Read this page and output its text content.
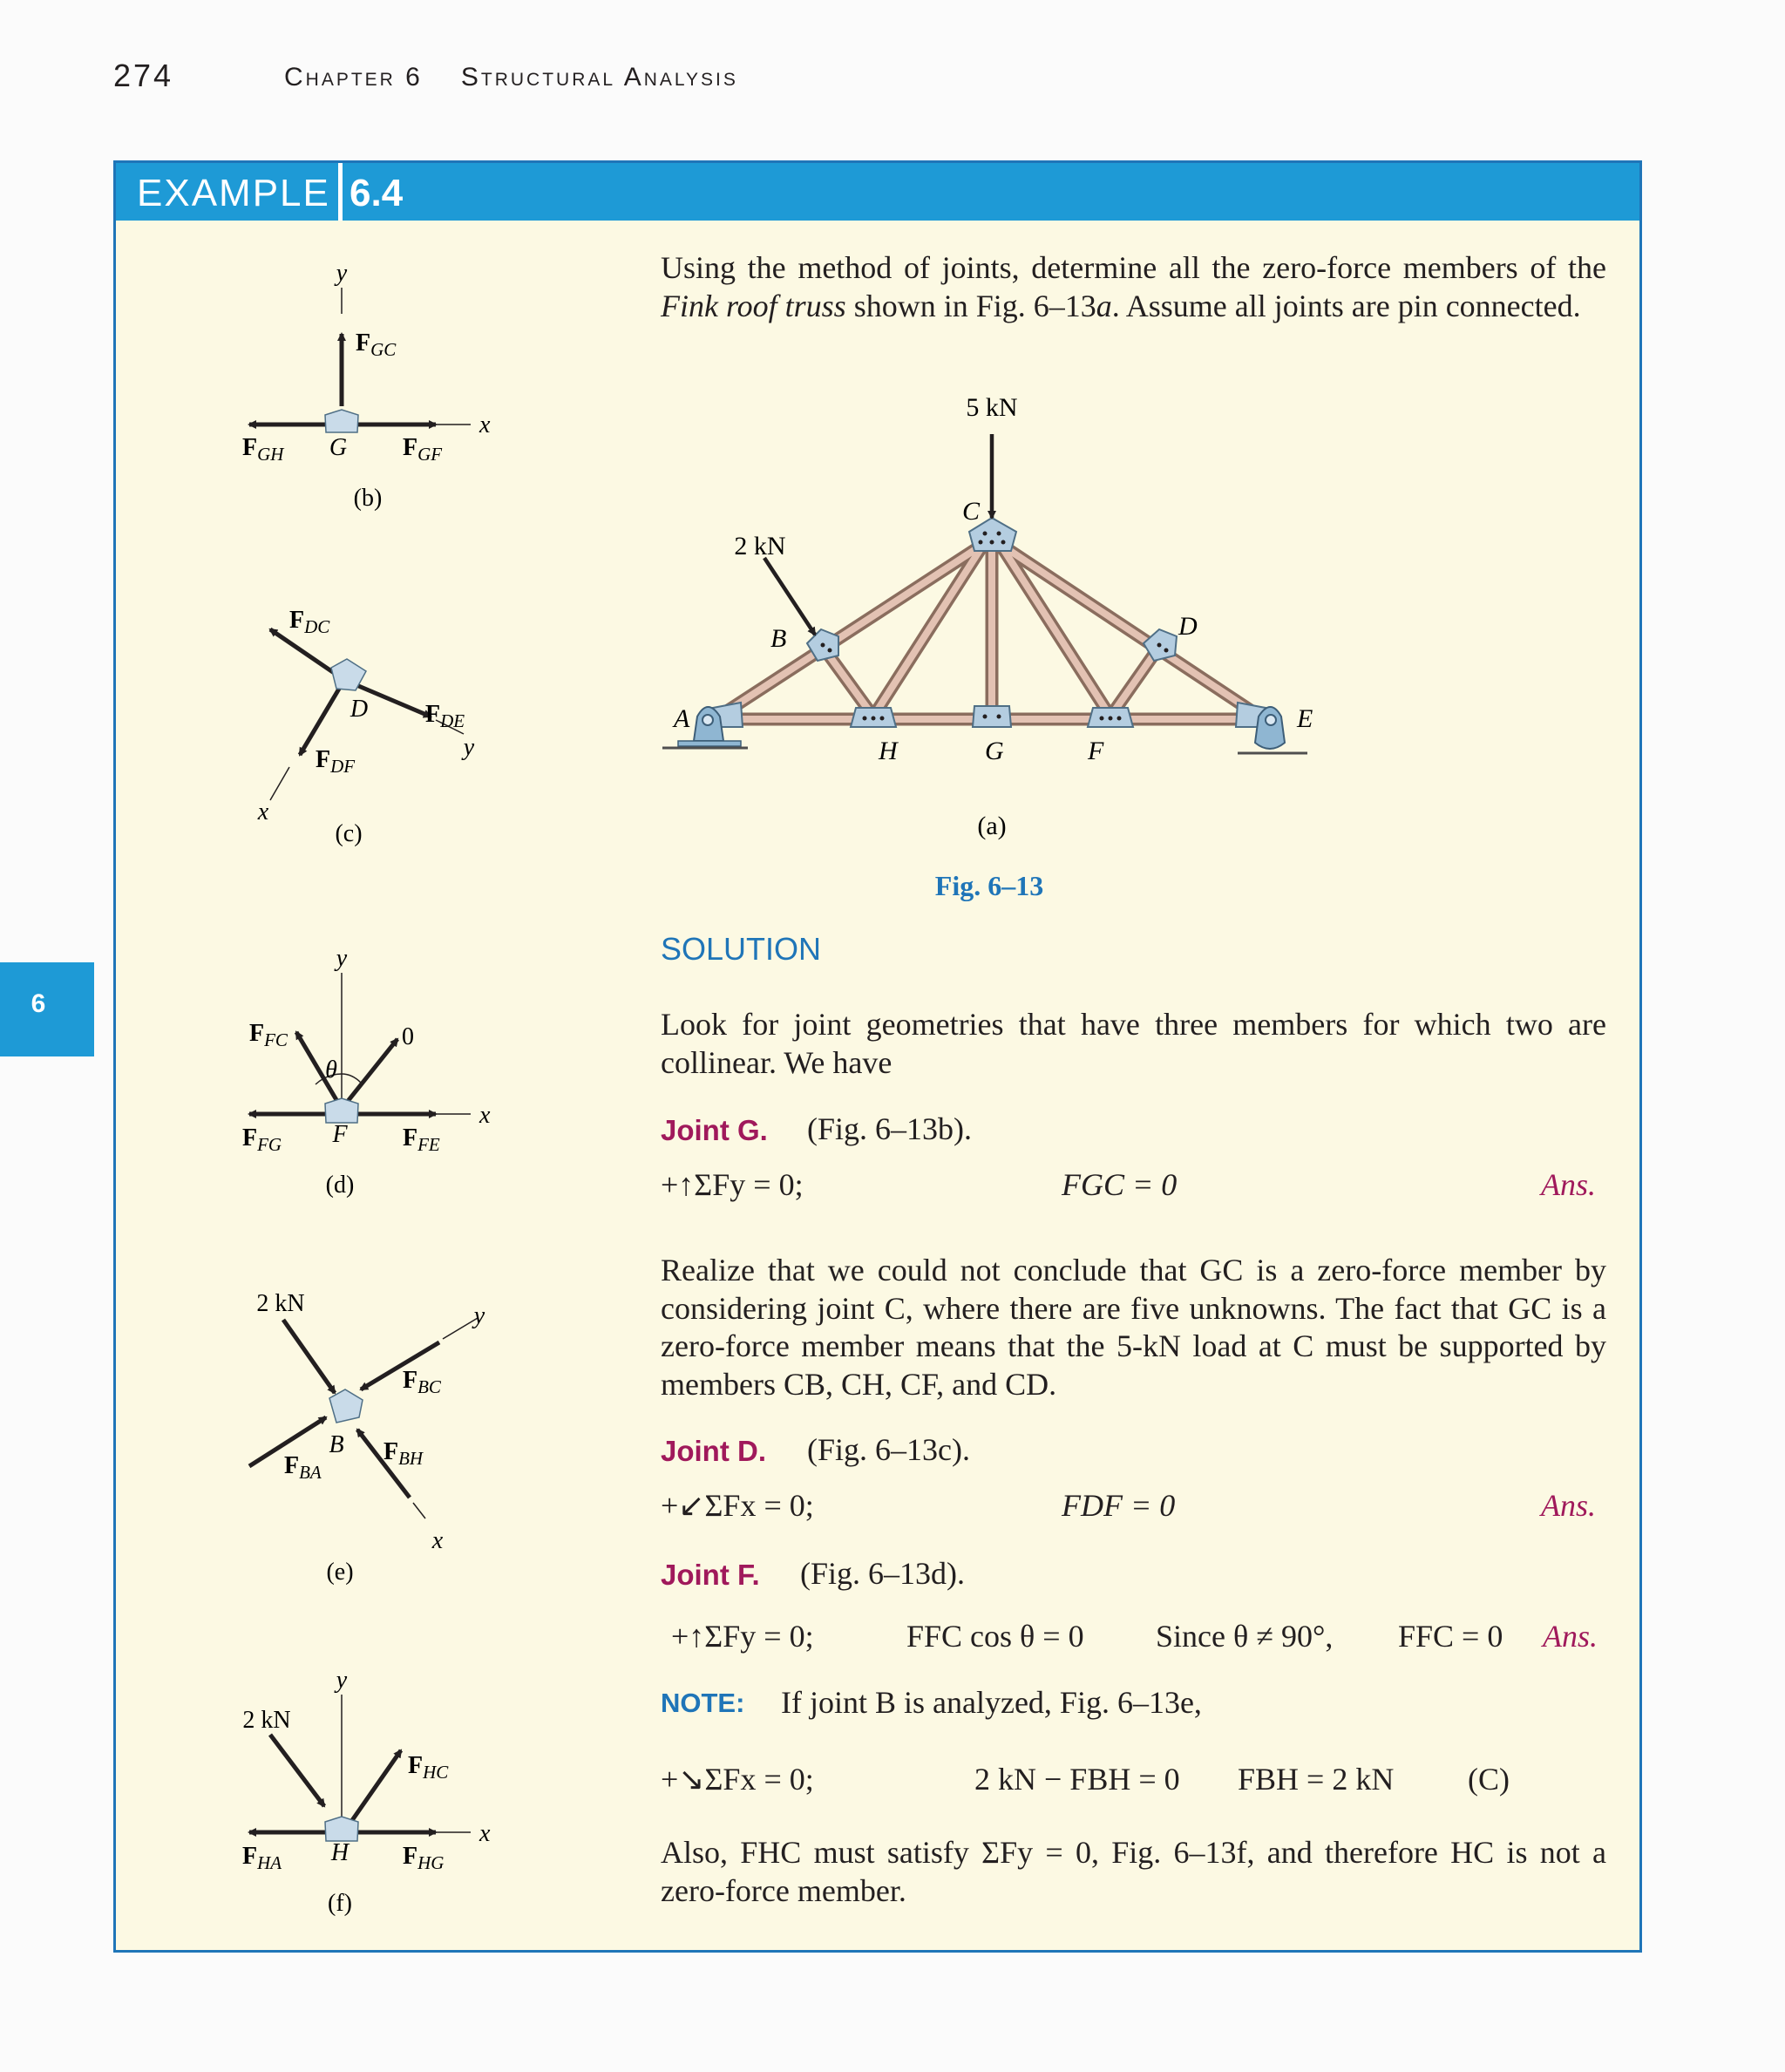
274	Chapter 6 Structural Analysis
6
EXAMPLE 6.4
Using the method of joints, determine all the zero-force members of the Fink roof truss shown in Fig. 6–13a. Assume all joints are pin connected.
5 kN
2 kN
A
B
C
D
E
F
G
H
(a)
Fig. 6–13
y
x
$F_{GC}$
$F_{GH}$	$F_{GF}$
G
(b)
$F_{DC}$
$F_{DE}$
$F_{DF}$
D
x
y
(c)
y
x
$F_{FC}$	0
θ
$F_{FG}$	$F_{FE}$
F
(d)
2 kN	y
$F_{BC}$
$F_{BA}$
$F_{BH}$
B
x
(e)
y
x
2 kN
$F_{HC}$
$F_{HA}$	$F_{HG}$
H
(f)
SOLUTION
Look for joint geometries that have three members for which two are collinear. We have
Joint G. (Fig. 6–13b).
+↑ΣFy = 0;	FGC = 0	Ans.
Realize that we could not conclude that GC is a zero-force member by considering joint C, where there are five unknowns. The fact that GC is a zero-force member means that the 5-kN load at C must be supported by members CB, CH, CF, and CD.
Joint D. (Fig. 6–13c).
+↙ΣFx = 0;	FDF = 0	Ans.
Joint F. (Fig. 6–13d).
+↑ΣFy = 0;	FFC cos θ = 0 Since θ ≠ 90°, FFC = 0 Ans.
NOTE: If joint B is analyzed, Fig. 6–13e,
+↘ΣFx = 0;	2 kN − FBH = 0 FBH = 2 kN (C)
Also, FHC must satisfy ΣFy = 0, Fig. 6–13f, and therefore HC is not a zero-force member.
